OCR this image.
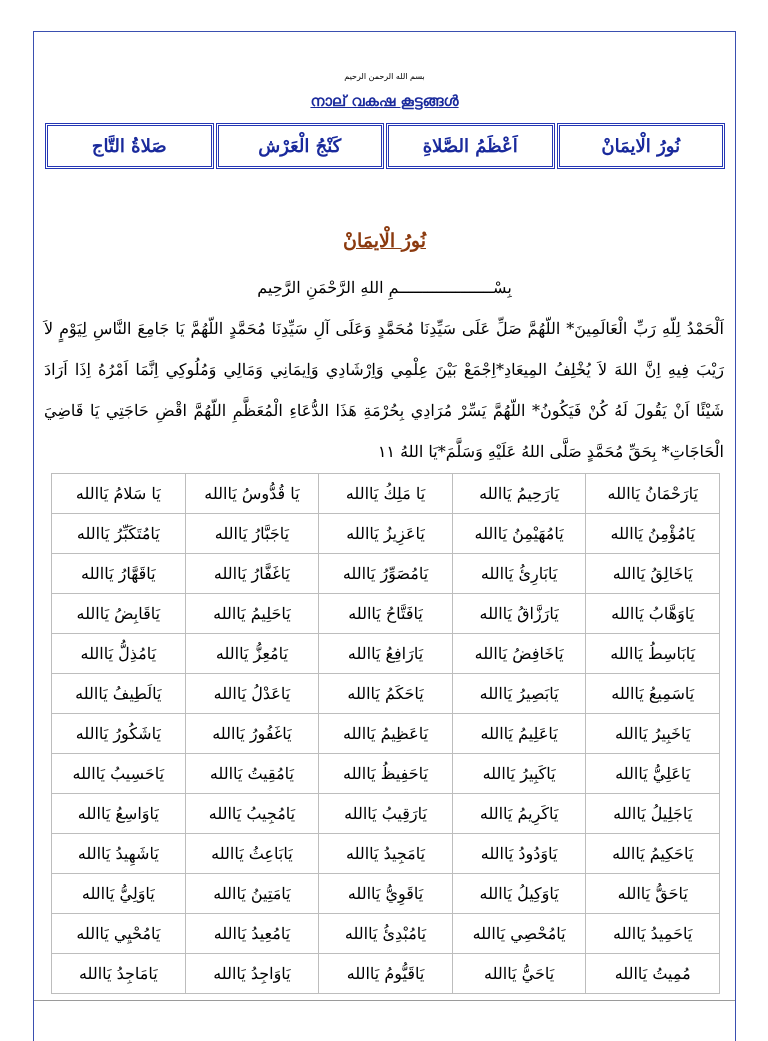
بسم الله الرحمن الرحيم
നാല് വകഷ കൂട്ടങ്ങൾ
نُورُ الْايمَانْ
اَعْظَمُ الصَّلاةِ
كَنْجُ الْعَرْش
صَلاةُ التَّاج
نُورُ الْايمَانْ
بِسْــــــــــــــــــــمِ اللهِ الرَّحْمَنِ الرَّحِيم
اَلْحَمْدُ لِلّهِ رَبِّ الْعَالَمِينَ* اللّهُمَّ صَلِّ عَلَى سَيِّدِنَا مُحَمَّدٍ وَعَلَى آلِ سَيِّدِنَا مُحَمَّدٍ اللّهُمَّ يَا جَامِعَ النَّاسِ لِيَوْمٍ لاَ رَيْبَ فِيهِ اِنَّ اللهَ لاَ يُخْلِفُ المِيعَادِ*اِجْمَعْ بَيْنَ عِلْمِي وَاِرْشَادِي وَاِيمَانِي وَمَالِي وَمُلُوكِي اِنَّمَا اَمْرُهُ اِذَا اَرَادَ شَيْئًا اَنْ يَقُولَ لَهُ كُنْ فَيَكُونُ* اللّهُمَّ يَسِّرْ مُرَادِي بِحُرْمَةِ هَذَا الدُّعَاءِ الْمُعَظَّمِ اللّهُمَّ اقْضِ حَاجَتِي يَا قَاضِيَ الْحَاجَاتِ* بِحَقِّ مُحَمَّدٍ صَلَّى اللهُ عَلَيْهِ وَسَلَّمَ*يَا اللهُ ١١
يَارَحْمَانُ يَاالله	يَارَحِيمُ يَاالله	يَا مَلِكُ يَاالله	يَا قُدُّوسُ يَاالله	يَا سَلامُ يَاالله
يَامُؤْمِنُ يَاالله	يَامُهَيْمِنُ يَاالله	يَاعَزِيزُ يَاالله	يَاجَبَّارُ يَاالله	يَامُتَكَبِّرُ يَاالله
يَاخَالِقُ يَاالله	يَابَارِئُ يَاالله	يَامُصَوِّرُ يَاالله	يَاغَفَّارُ يَاالله	يَاقَهَّارُ يَاالله
يَاوَهَّابُ يَاالله	يَارَزَّاقُ يَاالله	يَافَتَّاحُ يَاالله	يَاحَلِيمُ يَاالله	يَاقَابِضُ يَاالله
يَابَاسِطُ يَاالله	يَاخَافِضُ يَاالله	يَارَافِعُ يَاالله	يَامُعِزُّ يَاالله	يَامُذِلُّ يَاالله
يَاسَمِيعُ يَاالله	يَابَصِيرُ يَاالله	يَاحَكَمُ يَاالله	يَاعَدْلُ يَاالله	يَالَطِيفُ يَاالله
يَاخَبِيرُ يَاالله	يَاعَلِيمُ يَاالله	يَاعَظِيمُ يَاالله	يَاغَفُورُ يَاالله	يَاشَكُورُ يَاالله
يَاعَلِيُّ يَاالله	يَاكَبِيرُ يَاالله	يَاحَفِيظُ يَاالله	يَامُقِيتُ يَاالله	يَاحَسِيبُ يَاالله
يَاجَلِيلُ يَاالله	يَاكَرِيمُ يَاالله	يَارَقِيبُ يَاالله	يَامُجِيبُ يَاالله	يَاوَاسِعُ يَاالله
يَاحَكِيمُ يَاالله	يَاوَدُودُ يَاالله	يَامَجِيدُ يَاالله	يَابَاعِثُ يَاالله	يَاشَهِيدُ يَاالله
يَاحَقُّ يَاالله	يَاوَكِيلُ يَاالله	يَاقَوِيُّ يَاالله	يَامَتِينُ يَاالله	يَاوَلِيُّ يَاالله
يَاحَمِيدُ يَاالله	يَامُحْصِي يَاالله	يَامُبْدِئُ يَاالله	يَامُعِيدُ يَاالله	يَامُحْيِي يَاالله
مُمِيتُ يَاالله	يَاحَيُّ يَاالله	يَاقَيُّومُ يَاالله	يَاوَاجِدُ يَاالله	يَامَاجِدُ يَاالله
